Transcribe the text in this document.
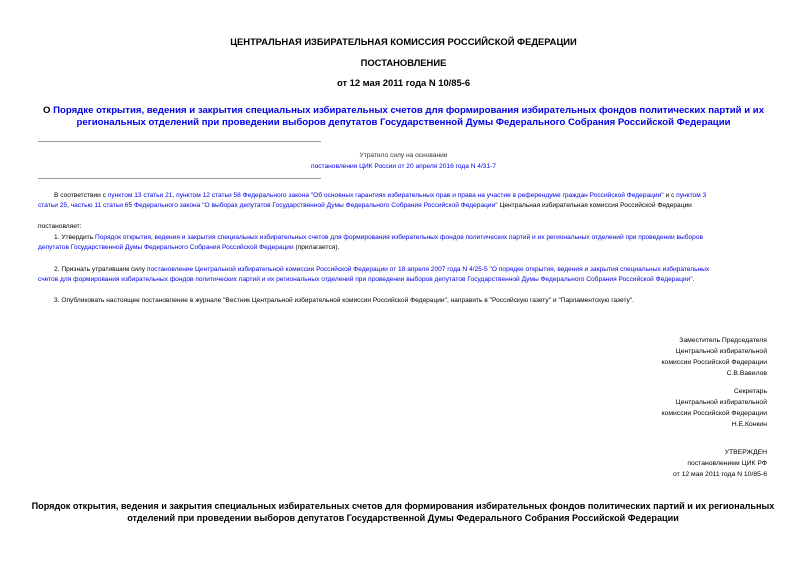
ЦЕНТРАЛЬНАЯ ИЗБИРАТЕЛЬНАЯ КОМИССИЯ РОССИЙСКОЙ ФЕДЕРАЦИИ
ПОСТАНОВЛЕНИЕ
от 12 мая 2011 года N 10/85-6
О Порядке открытия, ведения и закрытия специальных избирательных счетов для формирования избирательных фондов политических партий и их
региональных отделений при проведении выборов депутатов Государственной Думы Федерального Собрания Российской Федерации
Утратило силу на основании
постановления ЦИК России от 20 апреля 2016 года N 4/31-7
В соответствии с пунктом 13 статьи 21, пунктом 12 статьи 58 Федерального закона "Об основных гарантиях избирательных прав и права на участие в референдуме граждан Российской Федерации" и с пунктом 3
статьи 25, частью 11 статьи 65 Федерального закона "О выборах депутатов Государственной Думы Федерального Собрания Российской Федерации" Центральная избирательная комиссия Российской Федерации
постановляет:
1. Утвердить Порядок открытия, ведения и закрытия специальных избирательных счетов для формирования избирательных фондов политических партий и их региональных отделений при проведении выборов
депутатов Государственной Думы Федерального Собрания Российской Федерации (прилагается).
2. Признать утратившим силу постановление Центральной избирательной комиссии Российской Федерации от 18 апреля 2007 года N 4/25-5 "О порядке открытия, ведения и закрытия специальных избирательных
счетов для формирования избирательных фондов политических партий и их региональных отделений при проведении выборов депутатов Государственной Думы Федерального Собрания Российской Федерации".
3. Опубликовать настоящее постановление в журнале "Вестник Центральной избирательной комиссии Российской Федерации", направить в "Российскую газету" и "Парламентскую газету".
Заместитель Председателя
Центральной избирательной
комиссии Российской Федерации
С.В.Вавилов
Секретарь
Центральной избирательной
комиссии Российской Федерации
Н.Е.Конкин
УТВЕРЖДЕН
постановлением ЦИК РФ
от 12 мая 2011 года N 10/85-6
Порядок открытия, ведения и закрытия специальных избирательных счетов для формирования избирательных фондов политических партий и их региональных
отделений при проведении выборов депутатов Государственной Думы Федерального Собрания Российской Федерации
